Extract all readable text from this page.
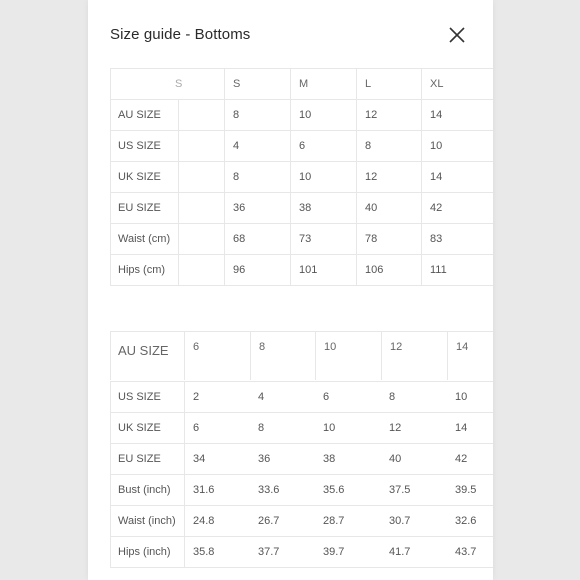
Size guide - Bottoms
S	S	M	L	XL
AU SIZE	8	10	12	14
US SIZE	4	6	8	10
UK SIZE	8	10	12	14
EU SIZE	36	38	40	42
Waist (cm)	68	73	78	83
Hips (cm)	96	101	106	111
AU SIZE	6	8	10	12	14
US SIZE	2	4	6	8	10
UK SIZE	6	8	10	12	14
EU SIZE	34	36	38	40	42
Bust (inch)	31.6	33.6	35.6	37.5	39.5
Waist (inch)	24.8	26.7	28.7	30.7	32.6
Hips (inch)	35.8	37.7	39.7	41.7	43.7
